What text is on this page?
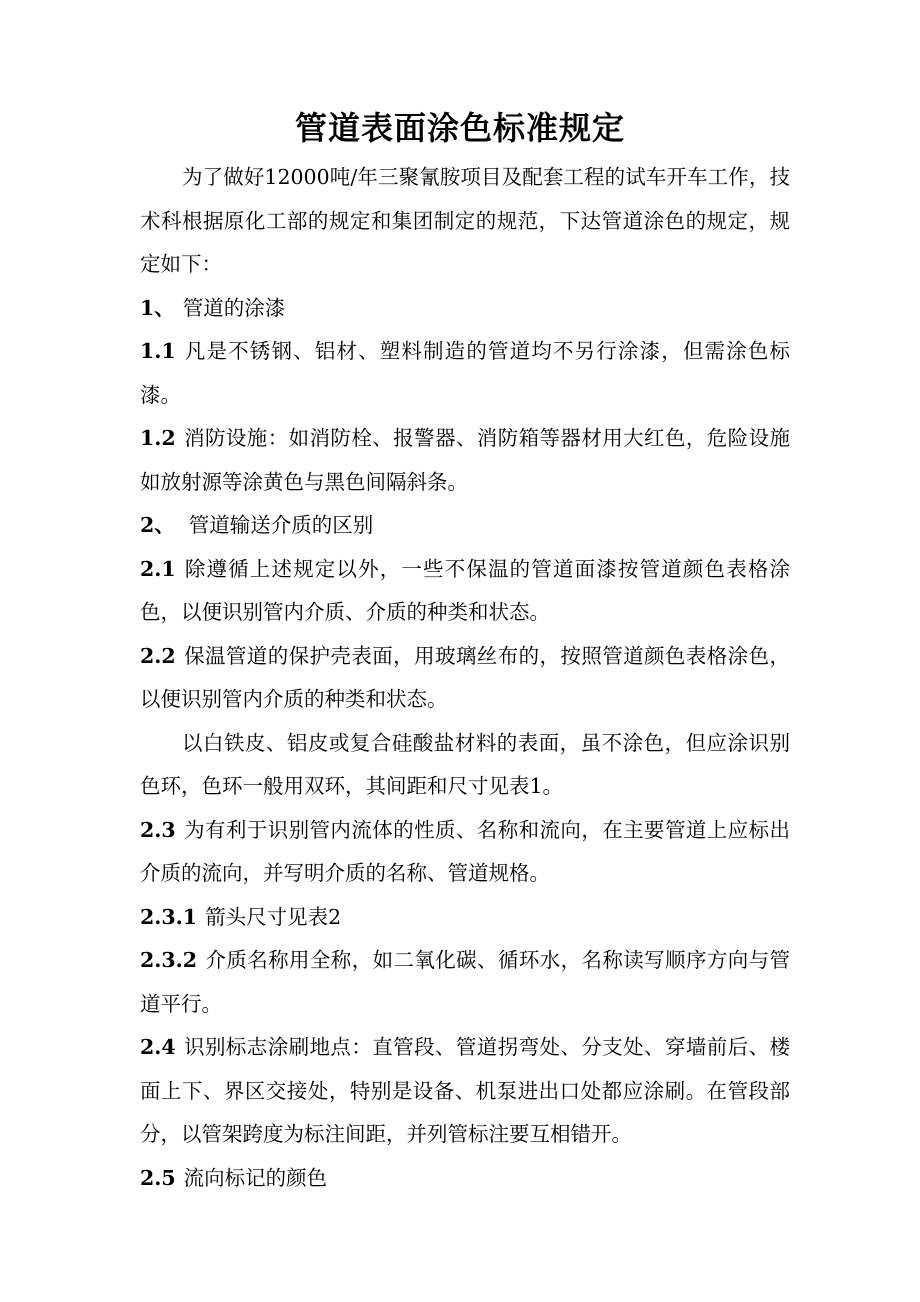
管道表面涂色标准规定

为了做好12000吨/年三聚氰胺项目及配套工程的试车开车工作，技术科根据原化工部的规定和集团制定的规范，下达管道涂色的规定，规定如下：

1、 管道的涂漆

1.1 凡是不锈钢、铝材、塑料制造的管道均不另行涂漆，但需涂色标漆。

1.2 消防设施：如消防栓、报警器、消防箱等器材用大红色，危险设施如放射源等涂黄色与黑色间隔斜条。

2、 管道输送介质的区别

2.1 除遵循上述规定以外，一些不保温的管道面漆按管道颜色表格涂色，以便识别管内介质、介质的种类和状态。

2.2 保温管道的保护壳表面，用玻璃丝布的，按照管道颜色表格涂色，以便识别管内介质的种类和状态。

以白铁皮、铝皮或复合硅酸盐材料的表面，虽不涂色，但应涂识别色环，色环一般用双环，其间距和尺寸见表1。

2.3 为有利于识别管内流体的性质、名称和流向，在主要管道上应标出介质的流向，并写明介质的名称、管道规格。

2.3.1 箭头尺寸见表2

2.3.2 介质名称用全称，如二氧化碳、循环水，名称读写顺序方向与管道平行。

2.4 识别标志涂刷地点：直管段、管道拐弯处、分支处、穿墙前后、楼面上下、界区交接处，特别是设备、机泵进出口处都应涂刷。在管段部分，以管架跨度为标注间距，并列管标注要互相错开。

2.5 流向标记的颜色
